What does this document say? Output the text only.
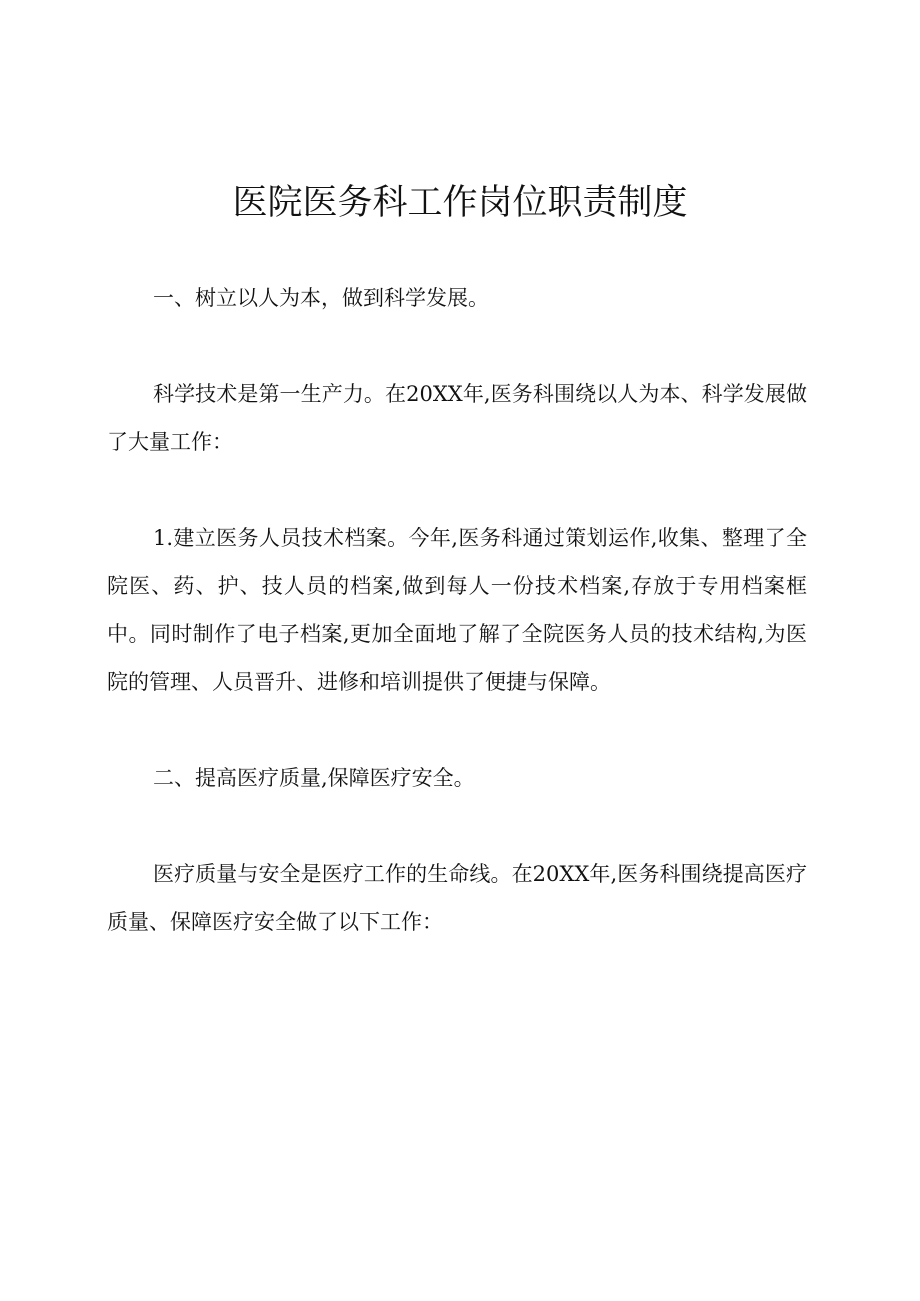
医院医务科工作岗位职责制度

一、树立以人为本，做到科学发展。

科学技术是第一生产力。在20XX年,医务科围绕以人为本、科学发展做了大量工作：

1.建立医务人员技术档案。今年,医务科通过策划运作,收集、整理了全院医、药、护、技人员的档案,做到每人一份技术档案,存放于专用档案框中。同时制作了电子档案,更加全面地了解了全院医务人员的技术结构,为医院的管理、人员晋升、进修和培训提供了便捷与保障。

二、提高医疗质量,保障医疗安全。

医疗质量与安全是医疗工作的生命线。在20XX年,医务科围绕提高医疗质量、保障医疗安全做了以下工作：
